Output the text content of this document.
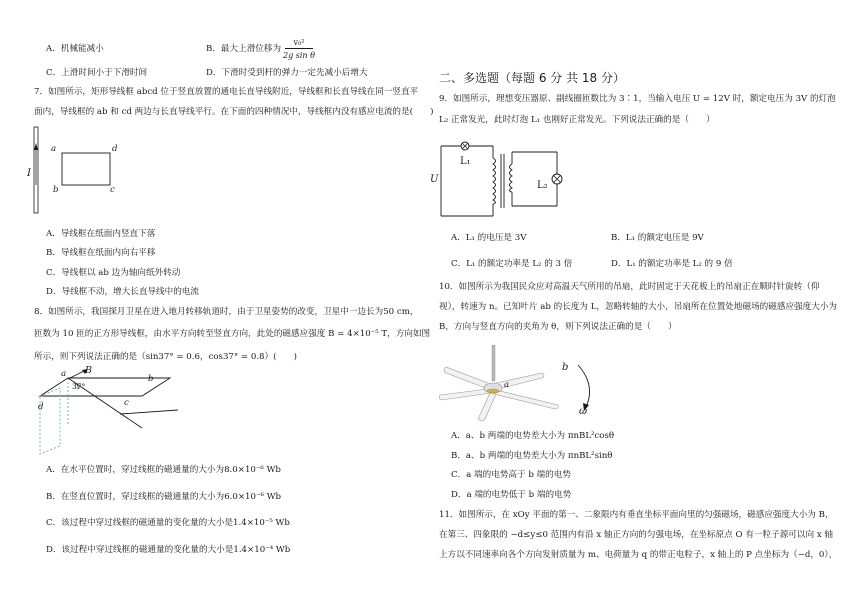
A．机械能减小	B．最大上滑位移为
v₀²
2g sin θ
C．上滑时间小于下滑时间	D．下滑时受到杆的弹力一定先减小后增大
7．如图所示，矩形导线框 abcd 位于竖直放置的通电长直导线附近，导线框和长直导线在同一竖直平
面内，导线框的 ab 和 cd 两边与长直导线平行。在下面的四种情况中，导线框内没有感应电流的是(　　)
a	d
b	c
I
A．导线框在纸面内竖直下落
B．导线框在纸面内向右平移
C．导线框以 ab 边为轴向纸外转动
D．导线框不动，增大长直导线中的电流
8．如图所示，我国探月卫星在进入地月转移轨道时，由于卫星姿势的改变，卫星中一边长为50 cm，
匝数为 10 匝的正方形导线框，由水平方向转至竖直方向，此处的磁感应强度 B = 4×10⁻⁵ T，方向如图
所示，则下列说法正确的是（sin37° = 0.6，cos37° = 0.8）(　　)
a B
37°
b
c
d
A．在水平位置时，穿过线框的磁通量的大小为8.0×10⁻⁶ Wb
B．在竖直位置时，穿过线框的磁通量的大小为6.0×10⁻⁶ Wb
C．该过程中穿过线框的磁通量的变化量的大小是1.4×10⁻⁵ Wb
D．该过程中穿过线框的磁通量的变化量的大小是1.4×10⁻⁴ Wb
二、多选题（每题 6 分 共 18 分）
9．如图所示，理想变压器原、副线圈匝数比为 3∶1，当输入电压 U = 12V 时，额定电压为 3V 的灯泡
L₂ 正常发光，此时灯泡 L₁ 也刚好正常发光。下列说法正确的是（　　）
L₁
L₂
U
A．L₁ 的电压是 3V	B．L₁ 的额定电压是 9V
C．L₁ 的额定功率是 L₂ 的 3 倍	D．L₁ 的额定功率是 L₂ 的 9 倍
10．如图所示为我国民众应对高温天气所用的吊扇，此时固定于天花板上的吊扇正在顺时针旋转（仰
视），转速为 n。已知叶片 ab 的长度为 L，忽略转轴的大小，吊扇所在位置处地磁场的磁感应强度大小为
B，方向与竖直方向的夹角为 θ，则下列说法正确的是（　　）
a
b
ω
A．a、b 两端的电势差大小为 πnBL²cosθ
B．a、b 两端的电势差大小为 πnBL²sinθ
C．a 端的电势高于 b 端的电势
D．a 端的电势低于 b 端的电势
11．如图所示，在 xOy 平面的第一、二象限内有垂直坐标平面向里的匀强磁场，磁感应强度大小为 B，
在第三、四象限的 −d≤y≤0 范围内有沿 x 轴正方向的匀强电场，在坐标原点 O 有一粒子源可以向 x 轴
上方以不同速率向各个方向发射质量为 m、电荷量为 q 的带正电粒子，x 轴上的 P 点坐标为（−d，0），
